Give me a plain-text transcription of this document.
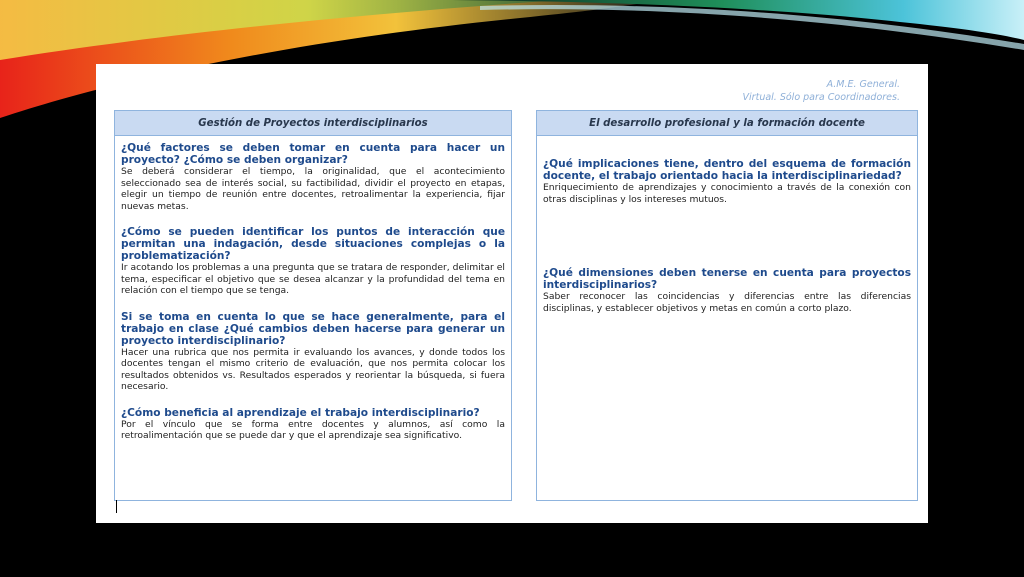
A.M.E. General.
Virtual. Sólo para Coordinadores.
Gestión de Proyectos interdisciplinarios

¿Qué factores se deben tomar en cuenta para hacer un proyecto? ¿Cómo se deben organizar?

Se deberá considerar el tiempo, la originalidad, que el acontecimiento seleccionado sea de interés social, su factibilidad, dividir el proyecto en etapas, elegir un tiempo de reunión entre docentes, retroalimentar la experiencia, fijar nuevas metas.

¿Cómo se pueden identificar los puntos de interacción que permitan una indagación, desde situaciones complejas o la problematización?

Ir acotando los problemas a una pregunta que se tratara de responder, delimitar el tema, especificar el objetivo que se desea alcanzar y la profundidad del tema en relación con el tiempo que se tenga.

Si se toma en cuenta lo que se hace generalmente, para el trabajo en clase ¿Qué cambios deben hacerse para generar un proyecto interdisciplinario?

Hacer una rubrica que nos permita ir evaluando los avances, y donde todos los docentes tengan el mismo criterio de evaluación, que nos permita colocar los resultados obtenidos vs. Resultados esperados y reorientar la búsqueda, si fuera necesario.

¿Cómo beneficia al aprendizaje el trabajo interdisciplinario?

Por el vínculo que se forma entre docentes y alumnos, así como la retroalimentación que se puede dar y que el aprendizaje sea significativo.

El desarrollo profesional y la formación docente

¿Qué implicaciones tiene, dentro del esquema de formación docente, el trabajo orientado hacia la interdisciplinariedad?

Enriquecimiento de aprendizajes y conocimiento a través de la conexión con otras disciplinas y los intereses mutuos.

¿Qué dimensiones deben tenerse en cuenta para proyectos interdisciplinarios?

Saber reconocer las coincidencias y diferencias entre las diferencias disciplinas, y establecer objetivos y metas en común a corto plazo.
